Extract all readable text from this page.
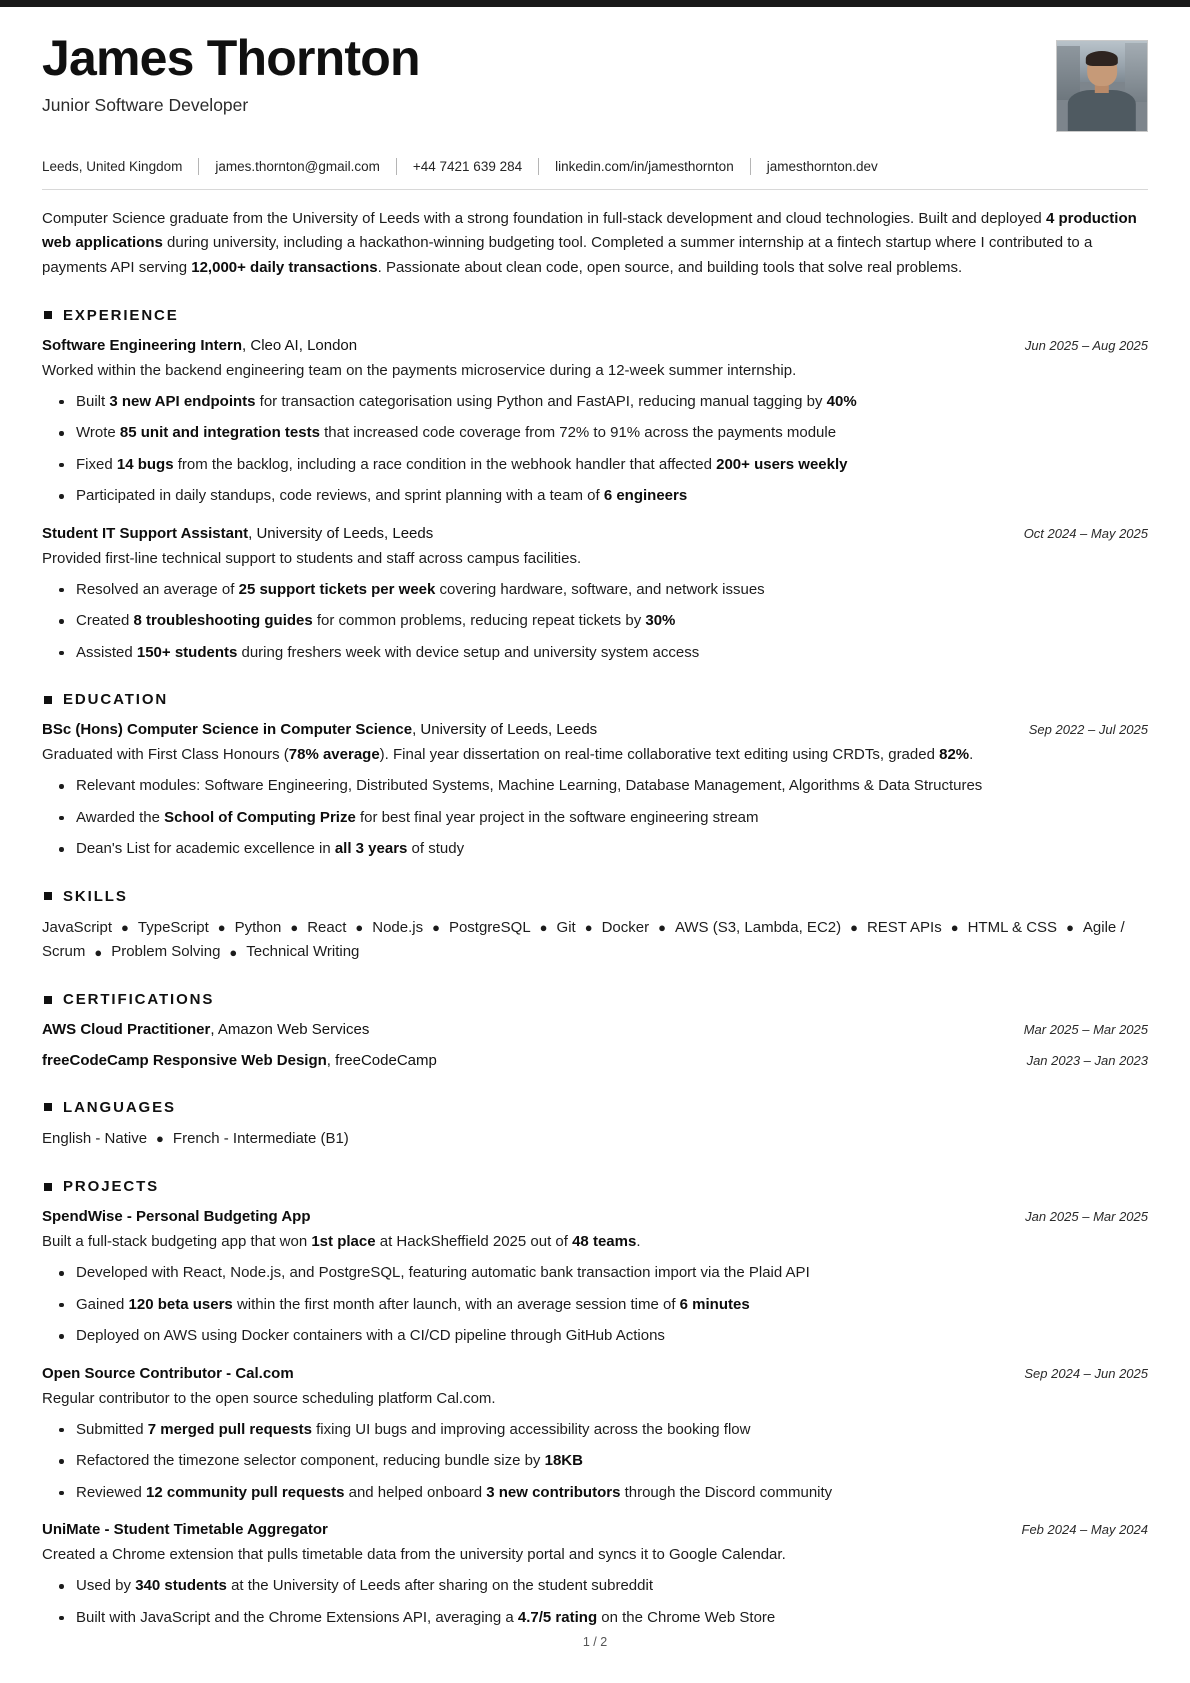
James Thornton
Junior Software Developer
Leeds, United Kingdom james.thornton@gmail.com +44 7421 639 284 linkedin.com/in/jamesthornton jamesthornton.dev

Computer Science graduate from the University of Leeds with a strong foundation in full-stack development and cloud technologies. Built and deployed 4 production web applications during university, including a hackathon-winning budgeting tool. Completed a summer internship at a fintech startup where I contributed to a payments API serving 12,000+ daily transactions. Passionate about clean code, open source, and building tools that solve real problems.

EXPERIENCE
Software Engineering Intern, Cleo AI, London	Jun 2025 – Aug 2025
Worked within the backend engineering team on the payments microservice during a 12-week summer internship.
Built 3 new API endpoints for transaction categorisation using Python and FastAPI, reducing manual tagging by 40%
Wrote 85 unit and integration tests that increased code coverage from 72% to 91% across the payments module
Fixed 14 bugs from the backlog, including a race condition in the webhook handler that affected 200+ users weekly
Participated in daily standups, code reviews, and sprint planning with a team of 6 engineers
Student IT Support Assistant, University of Leeds, Leeds	Oct 2024 – May 2025
Provided first-line technical support to students and staff across campus facilities.
Resolved an average of 25 support tickets per week covering hardware, software, and network issues
Created 8 troubleshooting guides for common problems, reducing repeat tickets by 30%
Assisted 150+ students during freshers week with device setup and university system access
EDUCATION
BSc (Hons) Computer Science in Computer Science, University of Leeds, Leeds	Sep 2022 – Jul 2025
Graduated with First Class Honours (78% average). Final year dissertation on real-time collaborative text editing using CRDTs, graded 82%.
Relevant modules: Software Engineering, Distributed Systems, Machine Learning, Database Management, Algorithms & Data Structures
Awarded the School of Computing Prize for best final year project in the software engineering stream
Dean's List for academic excellence in all 3 years of study
SKILLS
JavaScript ● TypeScript ● Python ● React ● Node.js ● PostgreSQL ● Git ● Docker ● AWS (S3, Lambda, EC2) ● REST APIs ● HTML & CSS ● Agile / Scrum ● Problem Solving ● Technical Writing
CERTIFICATIONS
AWS Cloud Practitioner, Amazon Web Services	Mar 2025 – Mar 2025
freeCodeCamp Responsive Web Design, freeCodeCamp	Jan 2023 – Jan 2023
LANGUAGES
English - Native ● French - Intermediate (B1)
PROJECTS
SpendWise - Personal Budgeting App	Jan 2025 – Mar 2025
Built a full-stack budgeting app that won 1st place at HackSheffield 2025 out of 48 teams.
Developed with React, Node.js, and PostgreSQL, featuring automatic bank transaction import via the Plaid API
Gained 120 beta users within the first month after launch, with an average session time of 6 minutes
Deployed on AWS using Docker containers with a CI/CD pipeline through GitHub Actions
Open Source Contributor - Cal.com	Sep 2024 – Jun 2025
Regular contributor to the open source scheduling platform Cal.com.
Submitted 7 merged pull requests fixing UI bugs and improving accessibility across the booking flow
Refactored the timezone selector component, reducing bundle size by 18KB
Reviewed 12 community pull requests and helped onboard 3 new contributors through the Discord community
UniMate - Student Timetable Aggregator	Feb 2024 – May 2024
Created a Chrome extension that pulls timetable data from the university portal and syncs it to Google Calendar.
Used by 340 students at the University of Leeds after sharing on the student subreddit
Built with JavaScript and the Chrome Extensions API, averaging a 4.7/5 rating on the Chrome Web Store
1 / 2
